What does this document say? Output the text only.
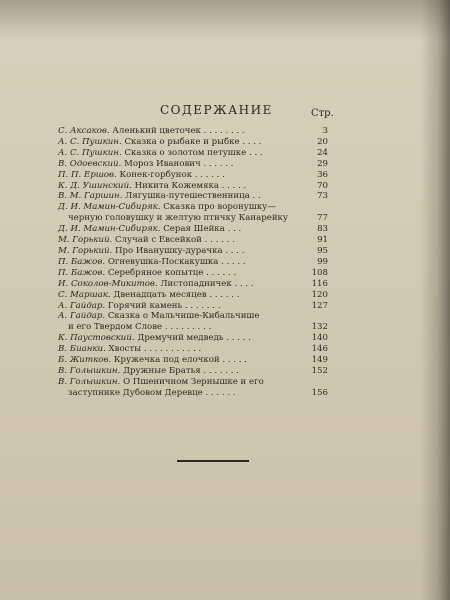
СОДЕРЖАНИЕ	Стр.
С. Аксаков. Аленький цветочек . . . . . . . .	3
А. С. Пушкин. Сказка о рыбаке и рыбке . . . .	20
А. С. Пушкин. Сказка о золотом петушке . . .	24
В. Одоевский. Мороз Иванович . . . . . .	29
П. П. Ершов. Конек-горбунок . . . . . .	36
К. Д. Ушинский. Никита Кожемяка . . . . .	70
В. М. Гаршин. Лягушка-путешественница . .	73
Д. И. Мамин-Сибиряк. Сказка про воронушку—
черную головушку и желтую птичку Канарейку	77
Д. И. Мамин-Сибиряк. Серая Шейка . . .	83
М. Горький. Случай с Евсейкой . . . . . .	91
М. Горький. Про Иванушку-дурачка . . . .	95
П. Бажов. Огневушка-Поскакушка . . . . .	99
П. Бажов. Серебряное копытце . . . . . .	108
И. Соколов-Микитов. Листопадничек . . . .	116
С. Маршак. Двенадцать месяцев . . . . . .	120
А. Гайдар. Горячий камень . . . . . . .	127
А. Гайдар. Сказка о Мальчише-Кибальчише
и его Твердом Слове . . . . . . . . .	132
К. Паустовский. Дремучий медведь . . . . .	140
В. Бианки. Хвосты . . . . . . . . . . .	146
Б. Житков. Кружечка под елочкой . . . . .	149
В. Голышкин. Дружные Братья . . . . . . .	152
В. Голышкин. О Пшеничном Зернышке и его
заступнике Дубовом Деревце . . . . . .	156
